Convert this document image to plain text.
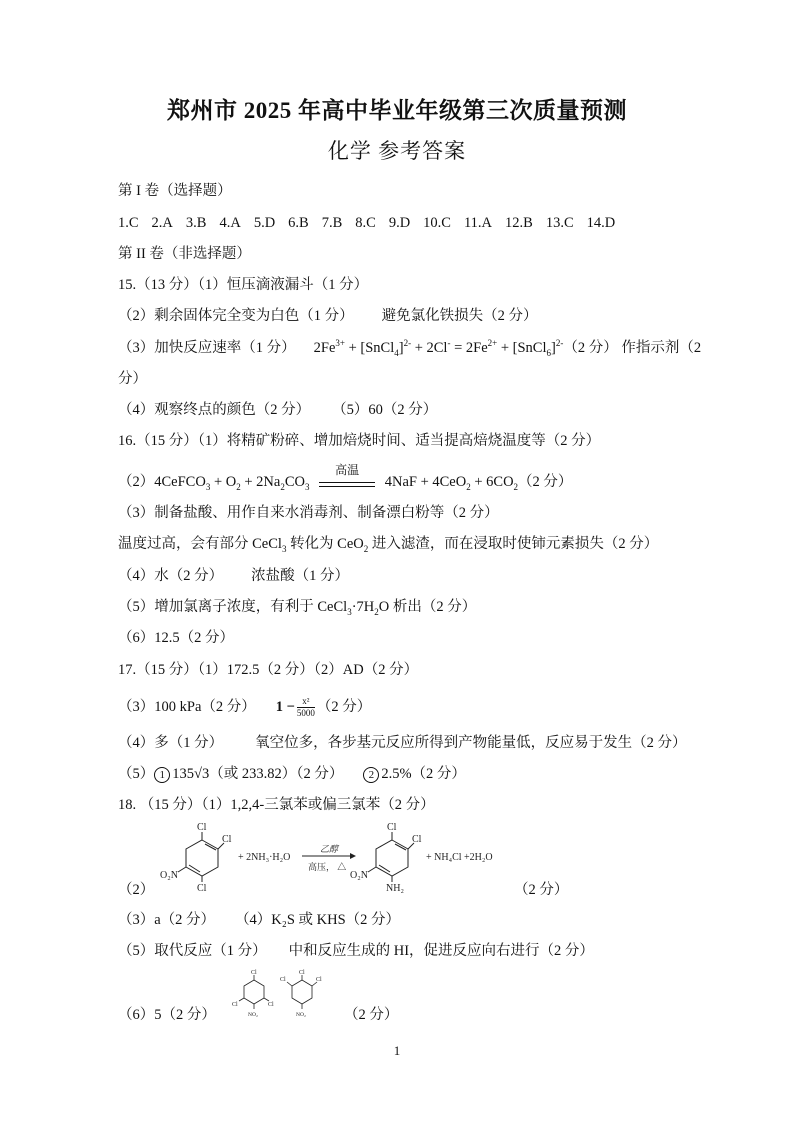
郑州市 2025 年高中毕业年级第三次质量预测
化学 参考答案
第 I 卷（选择题）
1.C 2.A 3.B 4.A 5.D 6.B 7.B 8.C 9.D 10.C 11.A 12.B 13.C 14.D
第 II 卷（非选择题）
15.（13 分）（1）恒压滴液漏斗（1 分）
（2）剩余固体完全变为白色（1 分） 避免氯化铁损失（2 分）
（3）加快反应速率（1 分） $2Fe^{3+}$ + [SnCl$_4$]$^{2-}$ + $2Cl^- = 2Fe^{2+}$ + [SnCl$_6$]$^{2-}$（2 分） 作指示剂（2
分）
（4）观察终点的颜色（2 分） （5）60（2 分）
16.（15 分）（1）将精矿粉碎、增加焙烧时间、适当提高焙烧温度等（2 分）
（2）4CeFCO$_3$ + $O_2 + 2Na_2CO_3$
高温
$4NaF + 4CeO_2 + 6CO_2(2$ 分）
（3）制备盐酸、用作自来水消毒剂、制备漂白粉等（2 分）
温度过高，会有部分 CeCl$_3$ 转化为 CeO$_2$ 进入滤渣，而在浸取时使铈元素损失（2 分）
（4）水（2 分） 浓盐酸（1 分）
（5）增加氯离子浓度，有利于 $CeCl_3\cdot 7H_2O$ 析出（2 分）
（6）12.5（2 分）
17.（15 分）（1）172.5（2 分）（2）AD（2 分）
（3）100 kPa（2 分） $1 - \frac{\text{x²}}{5000} (2$ 分）
（4）多（1 分） 氧空位多，各步基元反应所得到产物能量低，反应易于发生（2 分）
（5） 1 135√3（或 233.82）（2 分） 2 2.5%（2 分）
18. （15 分）（1）1,2,4-三氯苯或偏三氯苯（2 分）
Cl
Cl
Cl
O₂N
+ 2NH₃·H₂O
乙醇
高压， △
Cl
Cl
NH₂
O₂N
+ NH₄Cl +2H₂O
（2）	（2 分）
（3）a（2 分） （4）K₂S 或 KHS（2 分）
（5）取代反应（1 分） 中和反应生成的 HI，促进反应向右进行（2 分）
（6）5（2 分）
Cl
Cl
Cl
NO₂
Cl
Cl
Cl
NO₂	（2 分）
1
